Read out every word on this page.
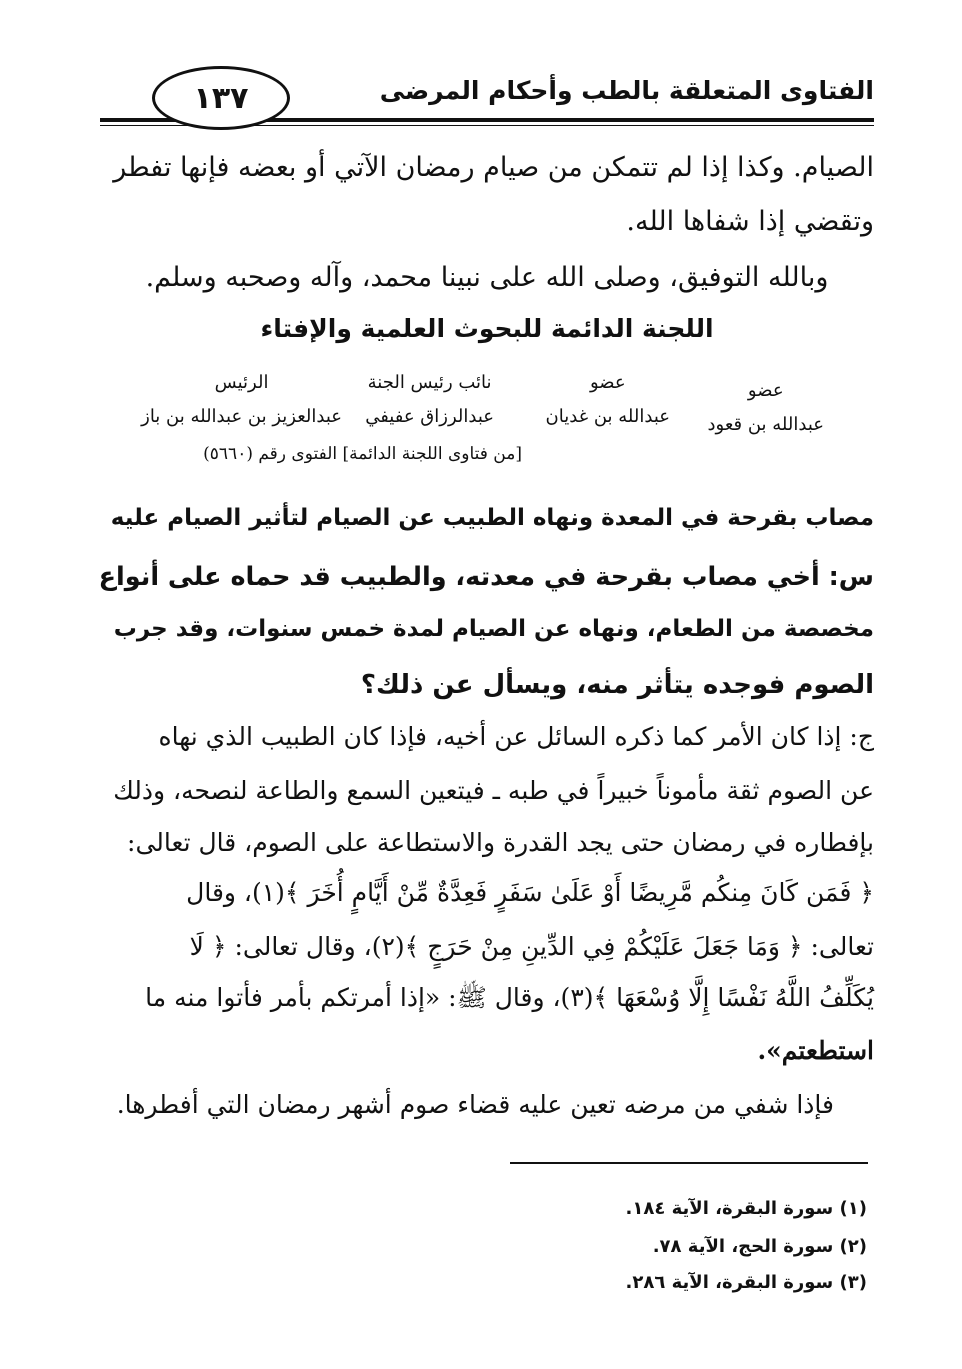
الفتاوى المتعلقة بالطب وأحكام المرضى
١٣٧
الصيام. وكذا إذا لم تتمكن من صيام رمضان الآتي أو بعضه فإنها تفطر
وتقضي إذا شفاها الله.
وبالله التوفيق، وصلى الله على نبينا محمد، وآله وصحبه وسلم.
اللجنة الدائمة للبحوث العلمية والإفتاء
عضو
عبدالله بن قعود
عضو
عبدالله بن غديان
نائب رئيس الجنة
عبدالرزاق عفيفي
الرئيس
عبدالعزيز بن عبدالله بن باز
[من فتاوى اللجنة الدائمة] الفتوى رقم (٥٦٦٠)
مصاب بقرحة في المعدة ونهاه الطبيب عن الصيام لتأثير الصيام عليه
س: أخي مصاب بقرحة في معدته، والطبيب قد حماه على أنواع
مخصصة من الطعام، ونهاه عن الصيام لمدة خمس سنوات، وقد جرب
الصوم فوجده يتأثر منه، ويسأل عن ذلك؟
ج: إذا كان الأمر كما ذكره السائل عن أخيه، فإذا كان الطبيب الذي نهاه
عن الصوم ثقة مأموناً خبيراً في طبه ـ فيتعين السمع والطاعة لنصحه، وذلك
بإفطاره في رمضان حتى يجد القدرة والاستطاعة على الصوم، قال تعالى:
﴿ فَمَن كَانَ مِنكُم مَّرِيضًا أَوْ عَلَىٰ سَفَرٍ فَعِدَّةٌ مِّنْ أَيَّامٍ أُخَرَ ﴾(١)، وقال
تعالى: ﴿ وَمَا جَعَلَ عَلَيْكُمْ فِي الدِّينِ مِنْ حَرَجٍ ﴾(٢)، وقال تعالى: ﴿ لَا
يُكَلِّفُ اللَّهُ نَفْسًا إِلَّا وُسْعَهَا ﴾(٣)، وقال ﷺ: «إذا أمرتكم بأمر فأتوا منه ما
استطعتم».
فإذا شفي من مرضه تعين عليه قضاء صوم أشهر رمضان التي أفطرها.
(١) سورة البقرة، الآية ١٨٤.
(٢) سورة الحج، الآية ٧٨.
(٣) سورة البقرة، الآية ٢٨٦.
